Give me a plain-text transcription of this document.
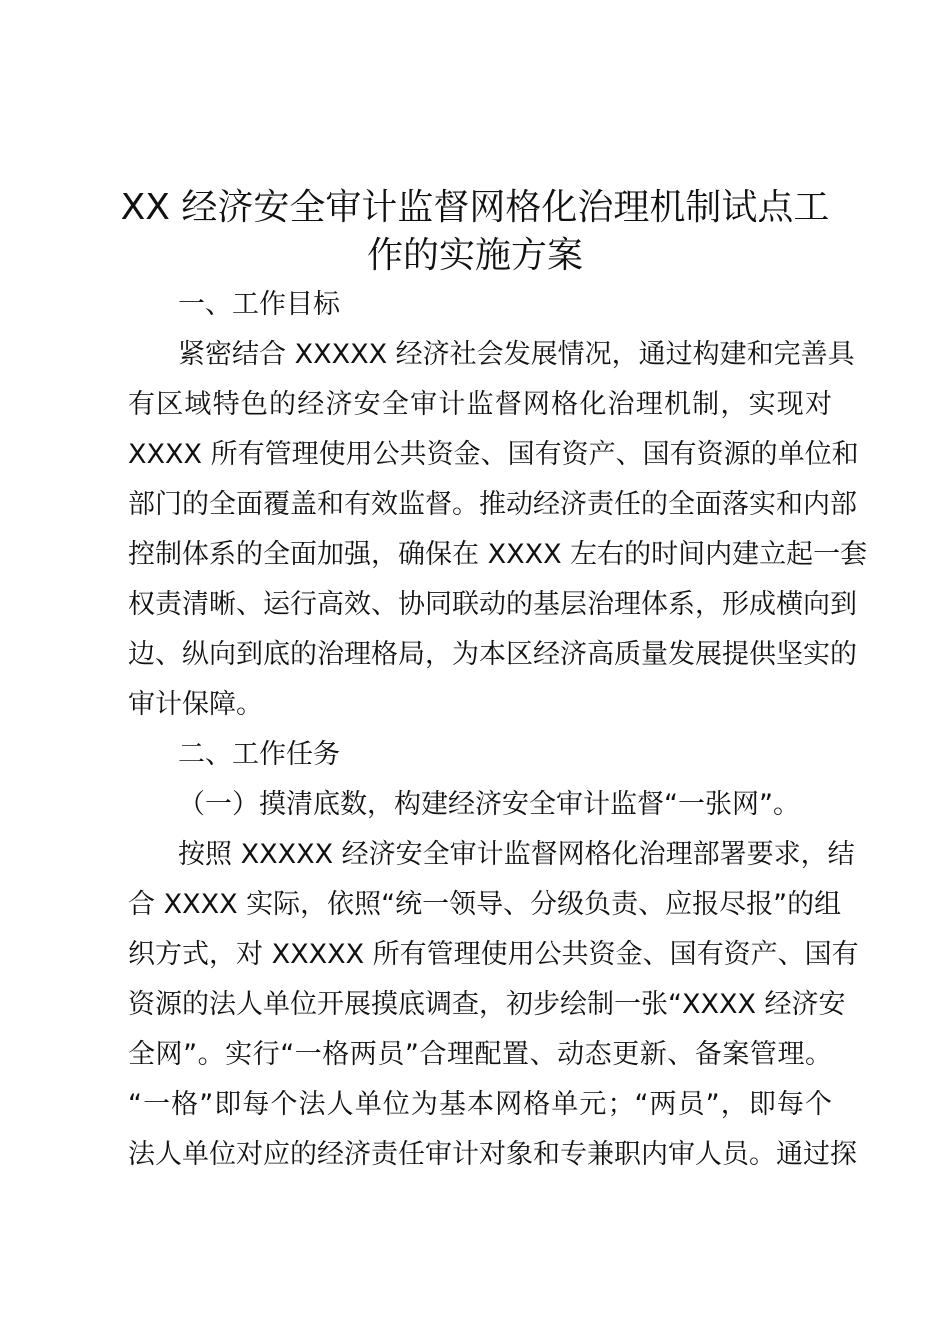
XX 经济安全审计监督网格化治理机制试点工
作的实施方案
一、工作目标
紧密结合 XXXXX 经济社会发展情况，通过构建和完善具
有区域特色的经济安全审计监督网格化治理机制，实现对
XXXX 所有管理使用公共资金、国有资产、国有资源的单位和
部门的全面覆盖和有效监督。推动经济责任的全面落实和内部
控制体系的全面加强，确保在 XXXX 左右的时间内建立起一套
权责清晰、运行高效、协同联动的基层治理体系，形成横向到
边、纵向到底的治理格局，为本区经济高质量发展提供坚实的
审计保障。
二、工作任务
（一）摸清底数，构建经济安全审计监督“一张网”。
按照 XXXXX 经济安全审计监督网格化治理部署要求，结
合 XXXX 实际，依照“统一领导、分级负责、应报尽报”的组
织方式，对 XXXXX 所有管理使用公共资金、国有资产、国有
资源的法人单位开展摸底调查，初步绘制一张“XXXX 经济安
全网”。实行“一格两员”合理配置、动态更新、备案管理。
“一格”即每个法人单位为基本网格单元；“两员”，即每个
法人单位对应的经济责任审计对象和专兼职内审人员。通过探
